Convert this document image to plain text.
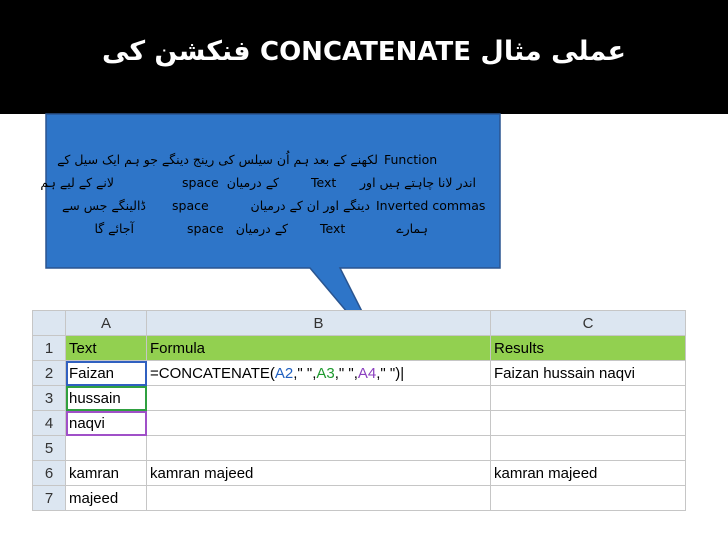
عملی مثال CONCATENATE فنکشن کی
Function
لکھنے کے بعد ہم اُن سیلس کی رینج دینگے جو ہم ایک سیل کے
اندر لانا چاہتے ہیں اور
Text
کے درمیان
space
لانے کے لیے ہم
Inverted commas
دینگے اور ان کے درمیان
space
ڈالینگے جس سے
ہمارے
Text
کے درمیان
space
آجائے گا
	A	B	C
1	Text	Formula	Results
2	Faizan	=CONCATENATE(A2," ",A3," ",A4," ")|	Faizan hussain naqvi
3	hussain		
4	naqvi		
5			
6	kamran	kamran majeed	kamran majeed
7	majeed		
